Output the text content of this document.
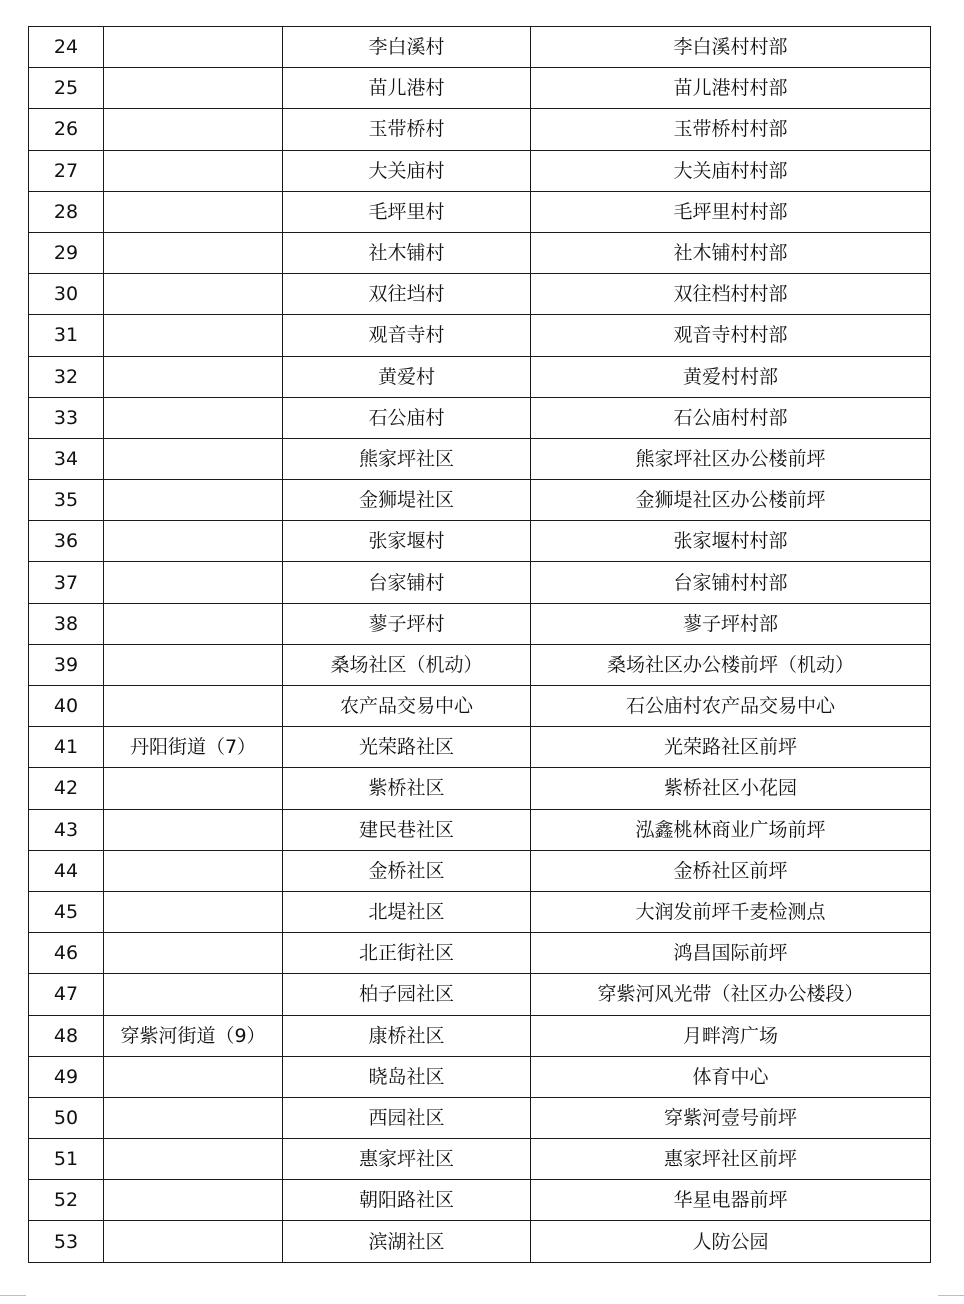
24		李白溪村	李白溪村村部
25		苗儿港村	苗儿港村村部
26		玉带桥村	玉带桥村村部
27		大关庙村	大关庙村村部
28		毛坪里村	毛坪里村村部
29		社木铺村	社木铺村村部
30		双往垱村	双往档村村部
31		观音寺村	观音寺村村部
32		黄爱村	黄爱村村部
33		石公庙村	石公庙村村部
34		熊家坪社区	熊家坪社区办公楼前坪
35		金狮堤社区	金狮堤社区办公楼前坪
36		张家堰村	张家堰村村部
37		台家铺村	台家铺村村部
38		蓼子坪村	蓼子坪村部
39		桑场社区（机动）	桑场社区办公楼前坪（机动）
40		农产品交易中心	石公庙村农产品交易中心
41	丹阳街道（7）	光荣路社区	光荣路社区前坪
42		紫桥社区	紫桥社区小花园
43		建民巷社区	泓鑫桃林商业广场前坪
44		金桥社区	金桥社区前坪
45		北堤社区	大润发前坪千麦检测点
46		北正街社区	鸿昌国际前坪
47		柏子园社区	穿紫河风光带（社区办公楼段）
48	穿紫河街道（9）	康桥社区	月畔湾广场
49		晓岛社区	体育中心
50		西园社区	穿紫河壹号前坪
51		惠家坪社区	惠家坪社区前坪
52		朝阳路社区	华星电器前坪
53		滨湖社区	人防公园
